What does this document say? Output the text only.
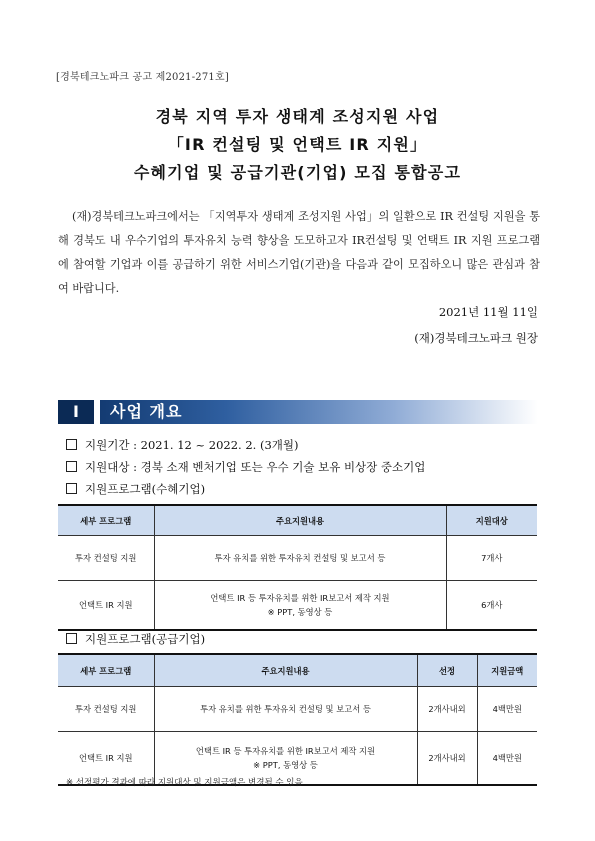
[경북테크노파크 공고 제2021-271호]
경북 지역 투자 생태계 조성지원 사업
「IR 컨설팅 및 언택트 IR 지원」
수혜기업 및 공급기관(기업) 모집 통합공고
(재)경북테크노파크에서는 「지역투자 생태계 조성지원 사업」의 일환으로 IR 컨설팅 지원을 통해 경북도 내 우수기업의 투자유치 능력 향상을 도모하고자 IR컨설팅 및 언택트 IR 지원 프로그램에 참여할 기업과 이를 공급하기 위한 서비스기업(기관)을 다음과 같이 모집하오니 많은 관심과 참여 바랍니다.
2021년 11월 11일
(재)경북테크노파크 원장
Ⅰ	사업 개요
지원기간 : 2021. 12 ~ 2022. 2. (3개월)
지원대상 : 경북 소재 벤처기업 또는 우수 기술 보유 비상장 중소기업
지원프로그램(수혜기업)
세부 프로그램	주요지원내용	지원대상
투자 컨설팅 지원	투자 유치를 위한 투자유치 컨설팅 및 보고서 등	7개사
언택트 IR 지원	언택트 IR 등 투자유치를 위한 IR보고서 제작 지원
※ PPT, 동영상 등	6개사
지원프로그램(공급기업)
세부 프로그램	주요지원내용	선정	지원금액
투자 컨설팅 지원	투자 유치를 위한 투자유치 컨설팅 및 보고서 등	2개사내외	4백만원
언택트 IR 지원	언택트 IR 등 투자유치를 위한 IR보고서 제작 지원
※ PPT, 동영상 등	2개사내외	4백만원
※ 선정평가 결과에 따라 지원대상 및 지원금액은 변경될 수 있음
